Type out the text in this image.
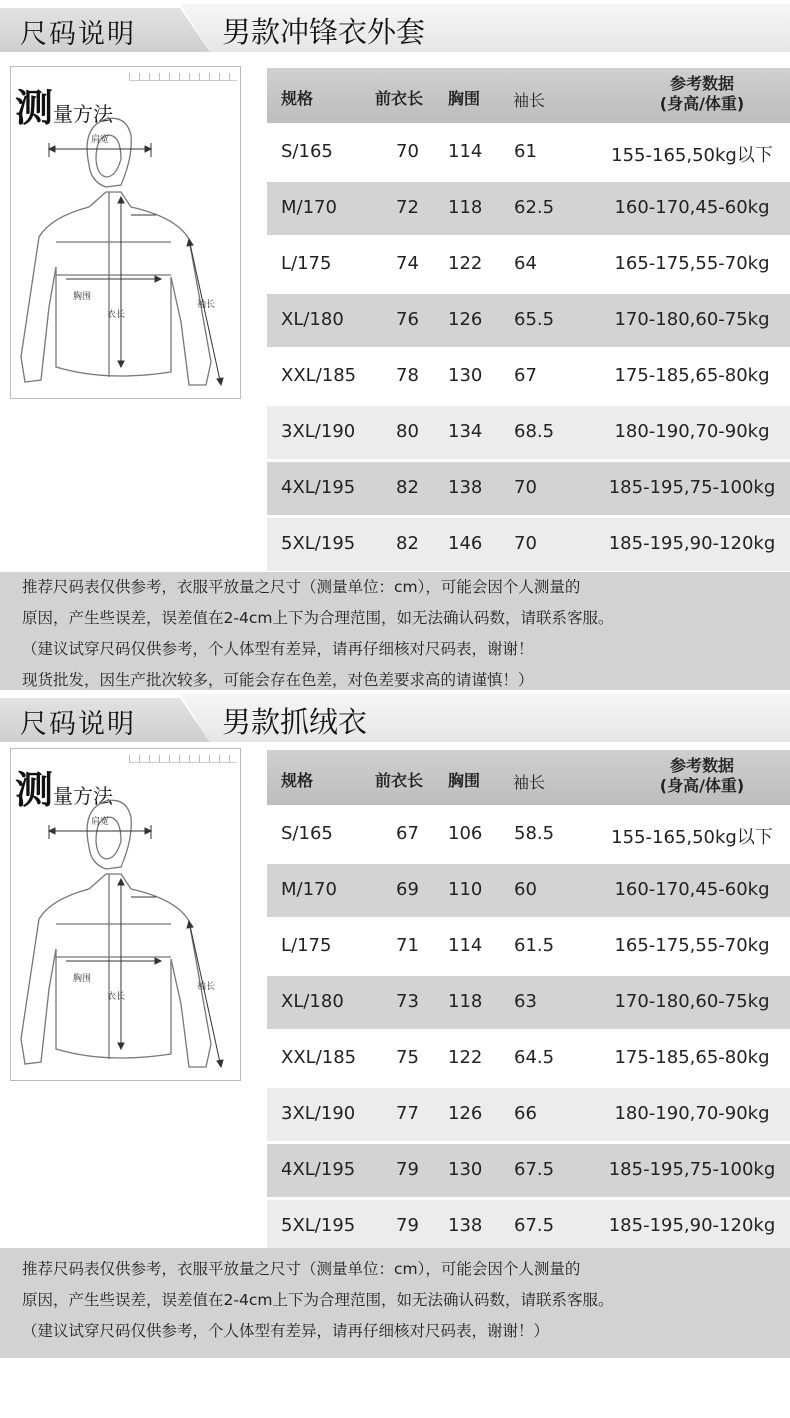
尺码说明	男款冲锋衣外套
测量方法
肩宽
胸围
衣长
袖长
规格	前衣长 胸围 袖长
参考数据
(身高/体重)
S/165	70 114 61	155-165,50kg以下
M/170	72 118 62.5	160-170,45-60kg
L/175	74 122 64	165-175,55-70kg
XL/180	76 126 65.5	170-180,60-75kg
XXL/185 78 130 67	175-185,65-80kg
3XL/190 80 134 68.5	180-190,70-90kg
4XL/195 82 138 70	185-195,75-100kg
5XL/195 82 146 70	185-195,90-120kg

推荐尺码表仅供参考，衣服平放量之尺寸（测量单位：cm），可能会因个人测量的

原因，产生些误差，误差值在2-4cm上下为合理范围，如无法确认码数，请联系客服。

（建议试穿尺码仅供参考，个人体型有差异，请再仔细核对尺码表，谢谢！

现货批发，因生产批次较多，可能会存在色差，对色差要求高的请谨慎！）

尺码说明	男款抓绒衣
测量方法
肩宽
胸围
衣长
袖长
规格	前衣长 胸围 袖长
参考数据
(身高/体重)
S/165	67 106 58.5	155-165,50kg以下
M/170	69 110 60	160-170,45-60kg
L/175	71 114 61.5	165-175,55-70kg
XL/180	73 118 63	170-180,60-75kg
XXL/185 75 122 64.5	175-185,65-80kg
3XL/190 77 126 66	180-190,70-90kg
4XL/195 79 130 67.5	185-195,75-100kg
5XL/195 79 138 67.5	185-195,90-120kg

推荐尺码表仅供参考，衣服平放量之尺寸（测量单位：cm），可能会因个人测量的

原因，产生些误差，误差值在2-4cm上下为合理范围，如无法确认码数，请联系客服。

（建议试穿尺码仅供参考，个人体型有差异，请再仔细核对尺码表，谢谢！）
